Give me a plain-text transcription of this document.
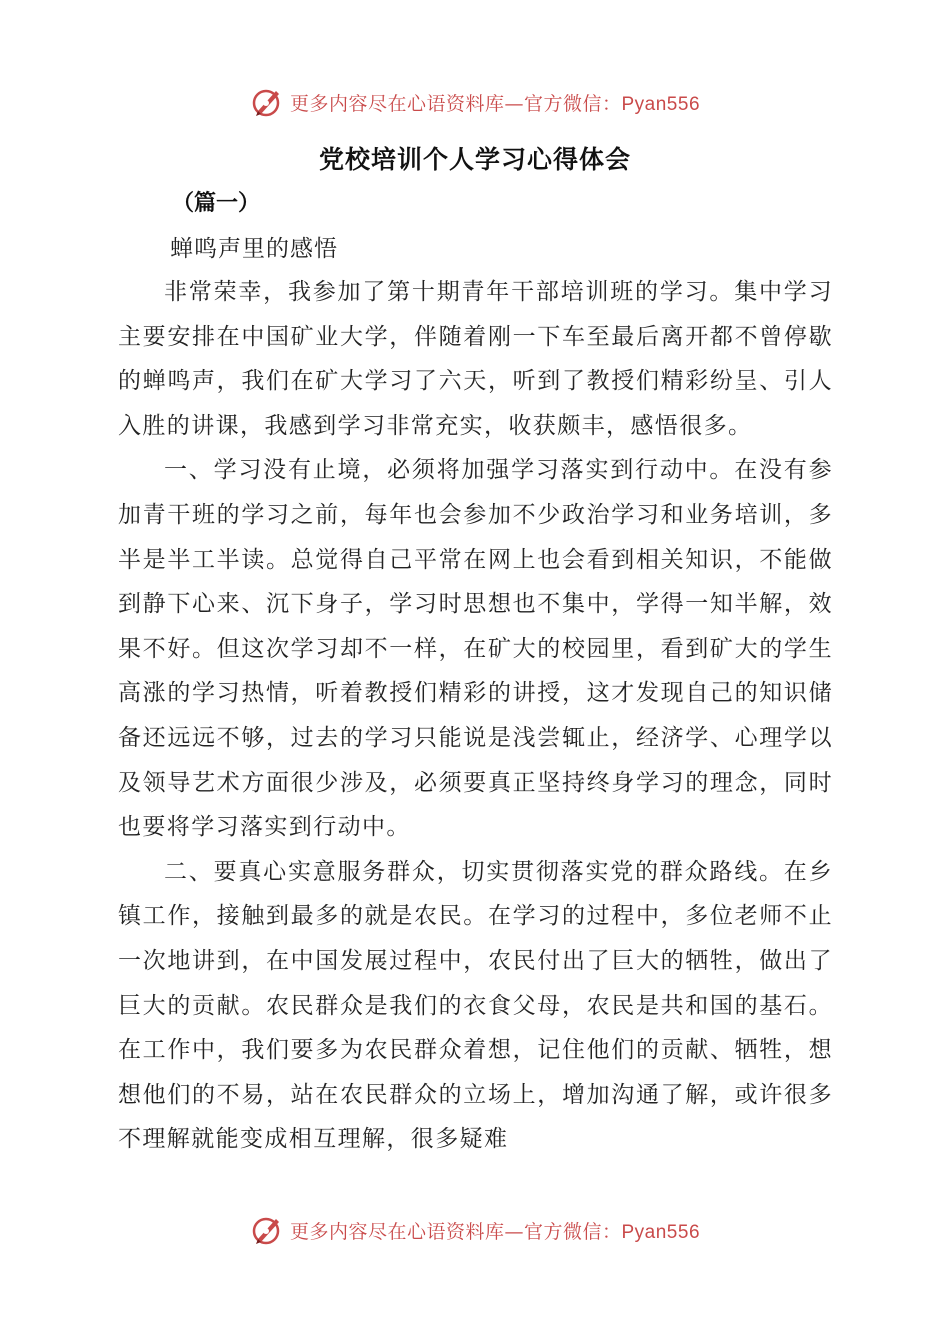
更多内容尽在心语资料库—官方微信：Pyan556
党校培训个人学习心得体会
（篇一）
蝉鸣声里的感悟

非常荣幸，我参加了第十期青年干部培训班的学习。集中学习主要安排在中国矿业大学，伴随着刚一下车至最后离开都不曾停歇的蝉鸣声，我们在矿大学习了六天，听到了教授们精彩纷呈、引人入胜的讲课，我感到学习非常充实，收获颇丰，感悟很多。

一、学习没有止境，必须将加强学习落实到行动中。在没有参加青干班的学习之前，每年也会参加不少政治学习和业务培训，多半是半工半读。总觉得自己平常在网上也会看到相关知识，不能做到静下心来、沉下身子，学习时思想也不集中，学得一知半解，效果不好。但这次学习却不一样，在矿大的校园里，看到矿大的学生高涨的学习热情，听着教授们精彩的讲授，这才发现自己的知识储备还远远不够，过去的学习只能说是浅尝辄止，经济学、心理学以及领导艺术方面很少涉及，必须要真正坚持终身学习的理念，同时也要将学习落实到行动中。

二、要真心实意服务群众，切实贯彻落实党的群众路线。在乡镇工作，接触到最多的就是农民。在学习的过程中，多位老师不止一次地讲到，在中国发展过程中，农民付出了巨大的牺牲，做出了巨大的贡献。农民群众是我们的衣食父母，农民是共和国的基石。在工作中，我们要多为农民群众着想，记住他们的贡献、牺牲，想想他们的不易，站在农民群众的立场上，增加沟通了解，或许很多不理解就能变成相互理解，很多疑难

更多内容尽在心语资料库—官方微信：Pyan556
